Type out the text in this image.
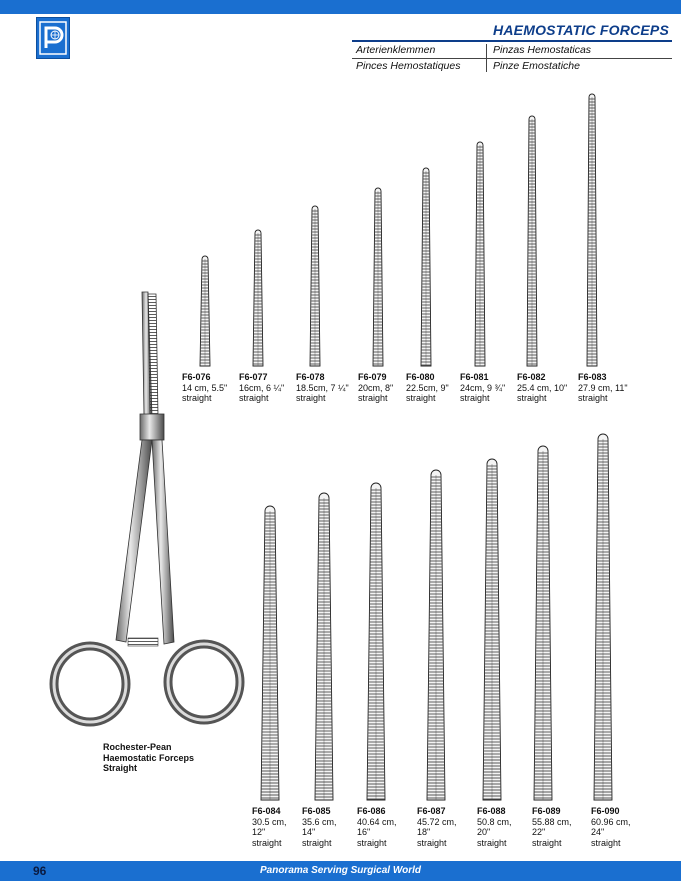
HAEMOSTATIC FORCEPS
Arterienklemmen	Pinzas Hemostaticas
Pinces Hemostatiques	Pinze Emostatiche
Rochester-Pean
Haemostatic Forceps
Straight
F6-076
14 cm, 5.5"
straight
F6-077
16cm, 6 ¼"
straight
F6-078
18.5cm, 7 ¼"
straight
F6-079
20cm, 8"
straight
F6-080
22.5cm, 9"
straight
F6-081
24cm, 9 ¾"
straight
F6-082
25.4 cm, 10"
straight
F6-083
27.9 cm, 11"
straight
F6-084
30.5 cm,
12"
straight
F6-085
35.6 cm,
14"
straight
F6-086
40.64 cm,
16"
straight
F6-087
45.72 cm,
18"
straight
F6-088
50.8 cm,
20"
straight
F6-089
55.88 cm,
22"
straight
F6-090
60.96 cm,
24"
straight
Panorama Serving Surgical World
96
